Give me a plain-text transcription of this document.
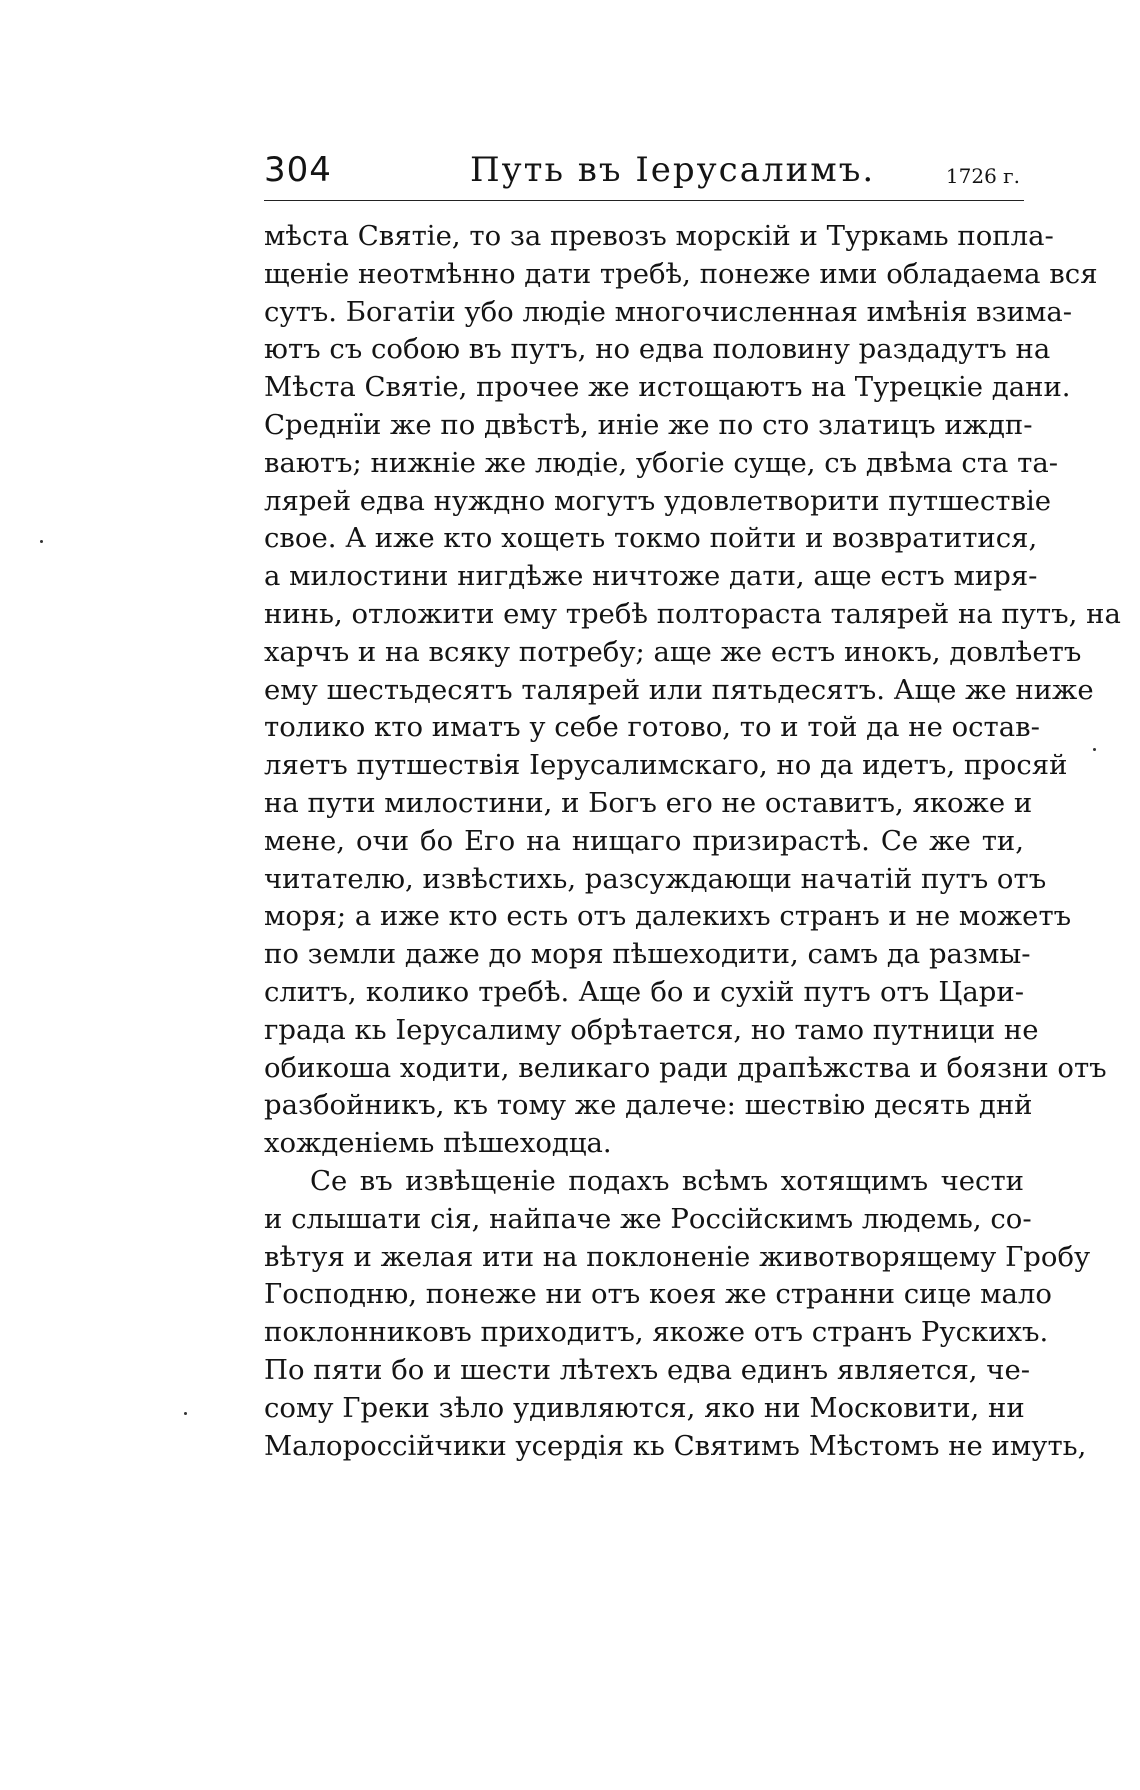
304	Путь въ Іерусалимъ.	1726 г.
мѣста Святіе, то за превозъ морскій и Туркамь попла-
щеніе неотмѣнно дати требѣ, понеже ими обладаема вся
сутъ. Богатіи убо людіе многочисленная имѣнія взима-
ютъ съ собою въ путъ, но едва половину раздадутъ на
Мѣста Святіе, прочее же истощаютъ на Турецкіе дани.
Среднїи же по двѣстѣ, иніе же по сто златицъ иждп-
ваютъ; нижніе же людіе, убогіе суще, съ двѣма ста та-
лярей едва нуждно могутъ удовлетворити путшествіе
свое. А иже кто хощеть токмо пойти и возвратитися,
а милостини нигдѣже ничтоже дати, аще естъ миря-
нинь, отложити ему требѣ полтораста талярей на путъ, на
харчъ и на всяку потребу; аще же естъ инокъ, довлѣетъ
ему шестьдесятъ талярей или пятьдесятъ. Аще же ниже
толико кто иматъ у себе готово, то и той да не остав-
ляетъ путшествія Іерусалимскаго, но да идетъ, просяй
на пути милостини, и Богъ его не оставитъ, якоже и
мене, очи бо Его на нищаго призирастѣ. Се же ти,
читателю, извѣстихь, разсуждающи начатій путъ отъ
моря; а иже кто есть отъ далекихъ странъ и не можетъ
по земли даже до моря пѣшеходити, самъ да размы-
слитъ, колико требѣ. Аще бо и сухій путъ отъ Цари-
града кь Іерусалиму обрѣтается, но тамо путници не
обикоша ходити, великаго ради драпѣжства и боязни отъ
разбойникъ, къ тому же далече: шествію десять днй
хожденіемь пѣшеходца.
Се въ извѣщеніе подахъ всѣмъ хотящимъ чести
и слышати сія, найпаче же Россійскимъ людемь, со-
вѣтуя и желая ити на поклоненіе животворящему Гробу
Господню, понеже ни отъ коея же странни сице мало
поклонниковъ приходитъ, якоже отъ странъ Рускихъ.
По пяти бо и шести лѣтехъ едва единъ является, че-
сому Греки зѣло удивляются, яко ни Московити, ни
Малороссійчики усердія кь Святимъ Мѣстомъ не имуть,
